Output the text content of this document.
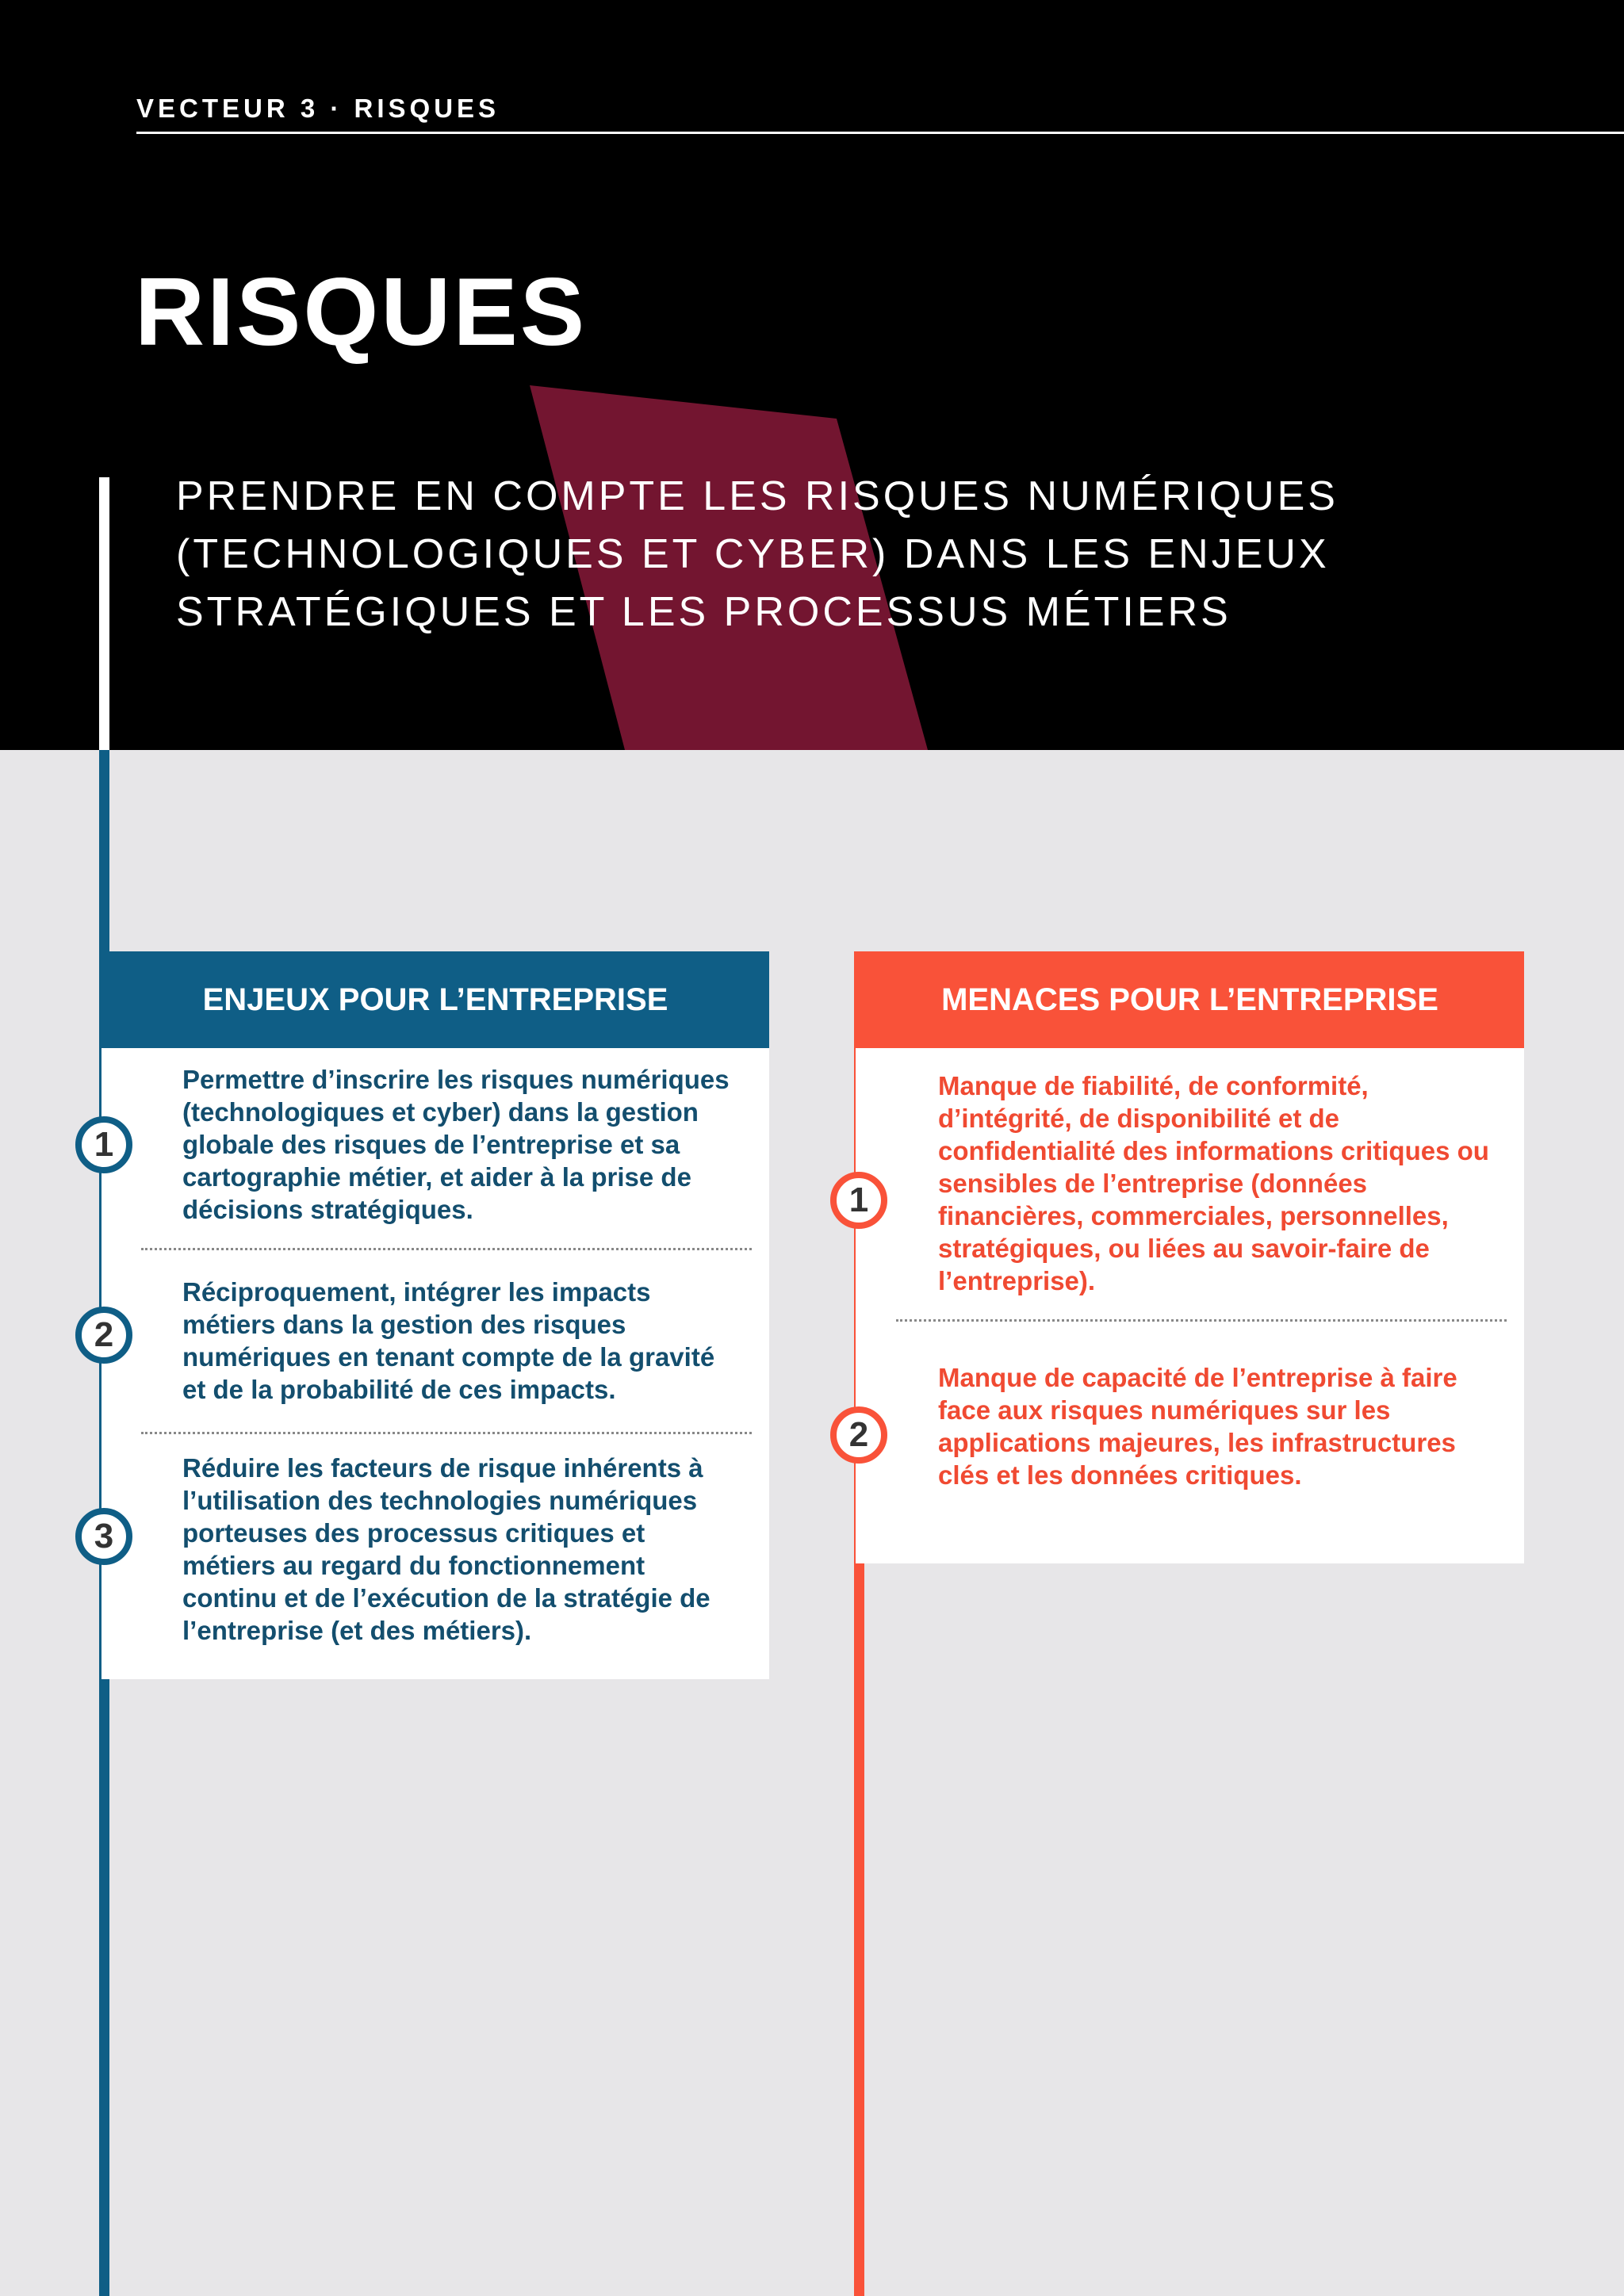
VECTEUR 3 · RISQUES
RISQUES
PRENDRE EN COMPTE LES RISQUES NUMÉRIQUES
(TECHNOLOGIQUES ET CYBER) DANS LES ENJEUX
STRATÉGIQUES ET LES PROCESSUS MÉTIERS
ENJEUX POUR L’ENTREPRISE

Permettre d’inscrire les risques numériques (technologiques et cyber) dans la gestion globale des risques de l’entreprise et sa cartographie métier, et aider à la prise de décisions stratégiques.

Réciproquement, intégrer les impacts métiers dans la gestion des risques numériques en tenant compte de la gravité et de la probabilité de ces impacts.

Réduire les facteurs de risque inhérents à l’utilisation des technologies numériques porteuses des processus critiques et métiers au regard du fonctionnement continu et de l’exécution de la stratégie de l’entreprise (et des métiers).

MENACES POUR L’ENTREPRISE

Manque de fiabilité, de conformité, d’intégrité, de disponibilité et de confidentialité des informations critiques ou sensibles de l’entreprise (données financières, commerciales, personnelles, stratégiques, ou liées au savoir-faire de l’entreprise).

Manque de capacité de l’entreprise à faire face aux risques numériques sur les applications majeures, les infrastructures clés et les données critiques.

1
2
3
1
2
